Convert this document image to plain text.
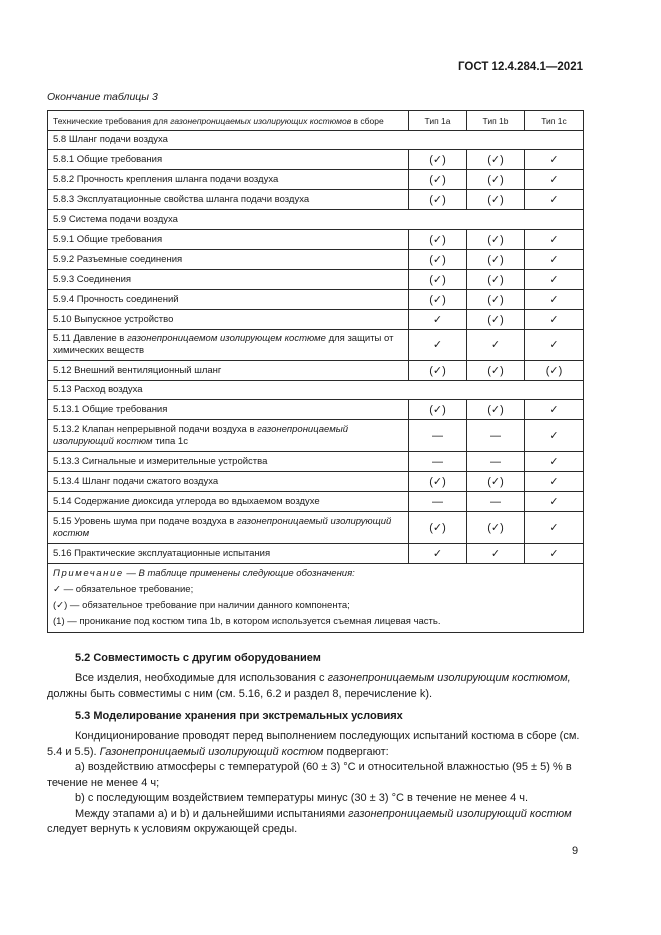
ГОСТ 12.4.284.1—2021
Окончание таблицы 3
Технические требования для газонепроницаемых изолирующих костюмов в сборе	Тип 1a	Тип 1b	Тип 1c
5.8 Шланг подачи воздуха			
5.8.1 Общие требования	(✓)	(✓)	✓
5.8.2 Прочность крепления шланга подачи воздуха	(✓)	(✓)	✓
5.8.3 Эксплуатационные свойства шланга подачи воздуха	(✓)	(✓)	✓
5.9 Система подачи воздуха			
5.9.1 Общие требования	(✓)	(✓)	✓
5.9.2 Разъемные соединения	(✓)	(✓)	✓
5.9.3 Соединения	(✓)	(✓)	✓
5.9.4 Прочность соединений	(✓)	(✓)	✓
5.10 Выпускное устройство	✓	(✓)	✓
5.11 Давление в газонепроницаемом изолирующем костюме для защиты от химических веществ	✓	✓	✓
5.12 Внешний вентиляционный шланг	(✓)	(✓)	(✓)
5.13 Расход воздуха			
5.13.1 Общие требования	(✓)	(✓)	✓
5.13.2 Клапан непрерывной подачи воздуха в газонепроницаемый изолирующий костюм типа 1c	—	—	✓
5.13.3 Сигнальные и измерительные устройства	—	—	✓
5.13.4 Шланг подачи сжатого воздуха	(✓)	(✓)	✓
5.14 Содержание диоксида углерода во вдыхаемом воздухе	—	—	✓
5.15 Уровень шума при подаче воздуха в газонепроницаемый изолирующий костюм	(✓)	(✓)	✓
5.16 Практические эксплуатационные испытания	✓	✓	✓

Примечание — В таблице применены следующие обозначения:
✓ — обязательное требование;
(✓) — обязательное требование при наличии данного компонента;
(1) — проникание под костюм типа 1b, в котором используется съемная лицевая часть.			
5.2 Совместимость с другим оборудованием
Все изделия, необходимые для использования с газонепроницаемым изолирующим костюмом,
должны быть совместимы с ним (см. 5.16, 6.2 и раздел 8, перечисление k).
5.3 Моделирование хранения при экстремальных условиях
Кондиционирование проводят перед выполнением последующих испытаний костюма в сборе (см.
5.4 и 5.5). Газонепроницаемый изолирующий костюм подвергают:
а) воздействию атмосферы с температурой (60 ± 3) °С и относительной влажностью (95 ± 5) % в
течение не менее 4 ч;
b) с последующим воздействием температуры минус (30 ± 3) °С в течение не менее 4 ч.
Между этапами а) и b) и дальнейшими испытаниями газонепроницаемый изолирующий костюм
следует вернуть к условиям окружающей среды.
9
